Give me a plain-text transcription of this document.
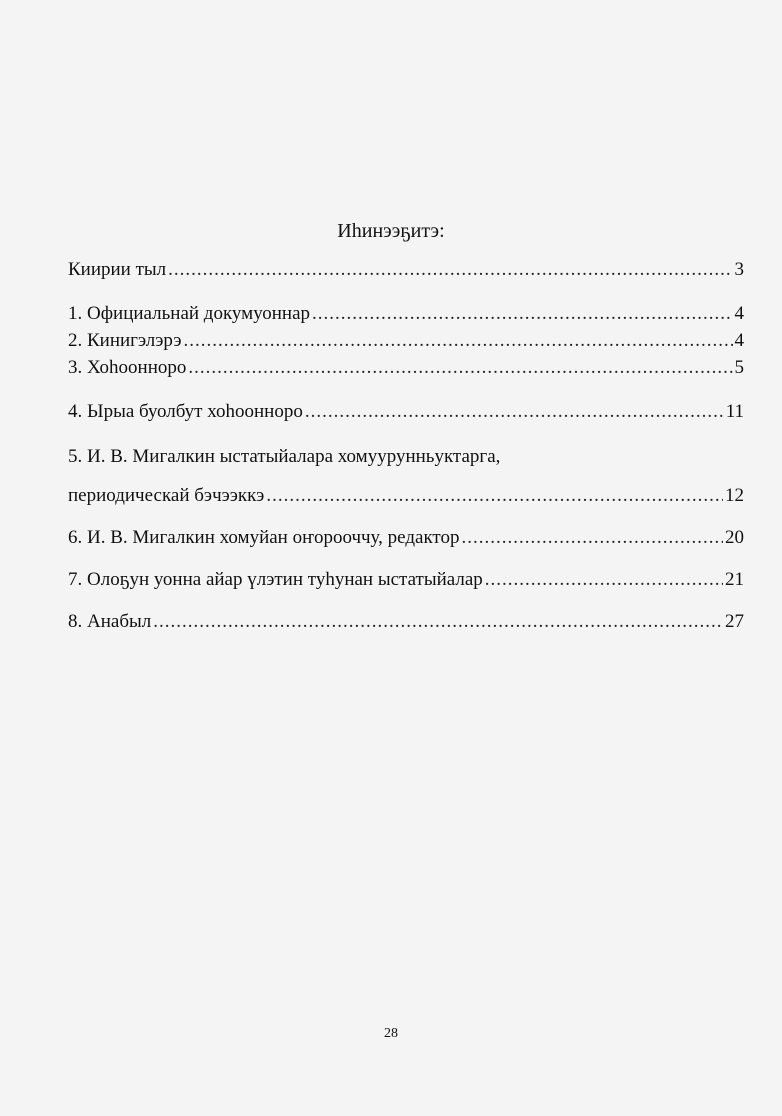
Иһинээҕитэ:
Киирии тыл .....	3
1. Официальнай докумуоннар .....	4
2. Кинигэлэрэ .....	4
3. Хоһоонноро .....	5
4. Ырыа буолбут хоһоонноро .....	11
5. И. В. Мигалкин ыстатыйалара хомуурунньуктарга,
периодическай бэчээккэ .....	12
6. И. В. Мигалкин хомуйан оҥорооччу, редактор .....	20
7. Олоҕун уонна айар үлэтин туһунан ыстатыйалар .....	21
8. Анабыл .....	27
28
